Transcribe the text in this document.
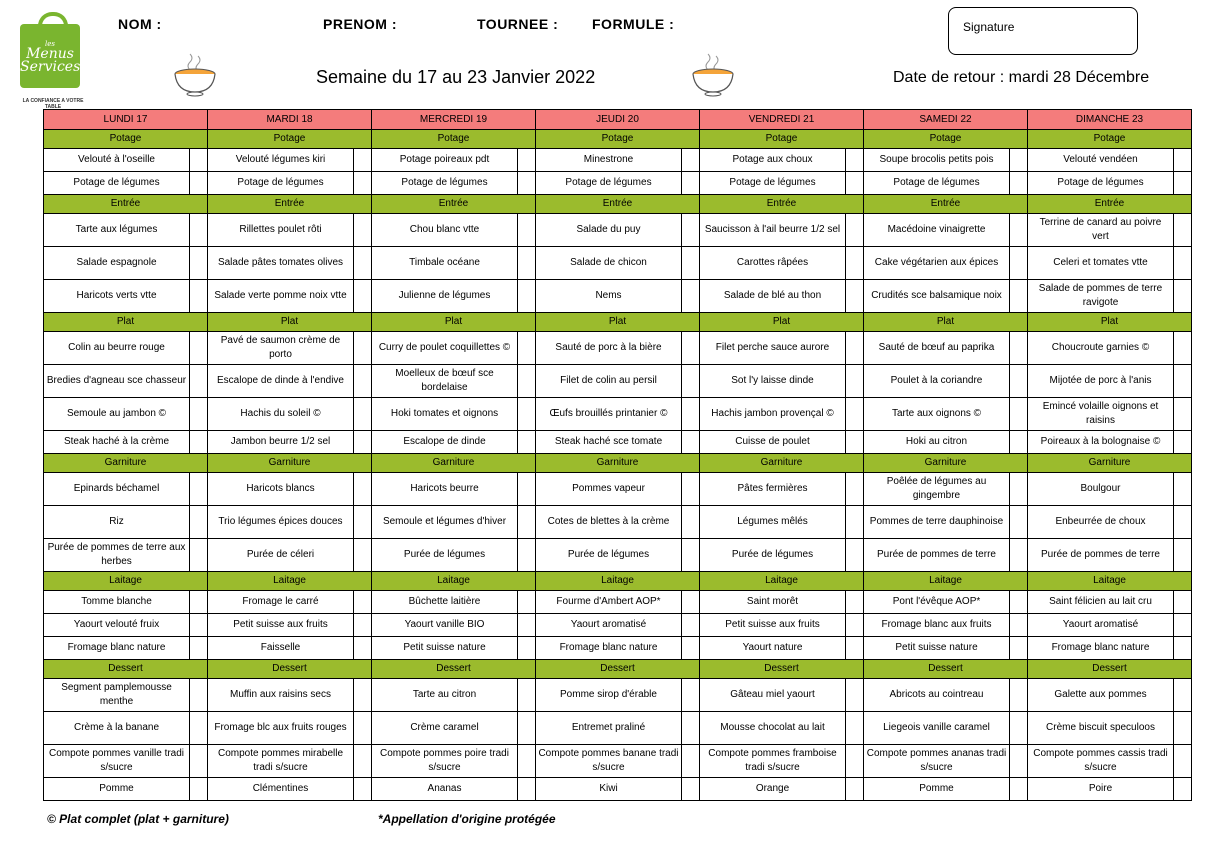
les
Menus Services
LA CONFIANCE A VOTRE TABLE
NOM :	PRENOM :	TOURNEE : FORMULE :	Signature
Semaine du 17 au 23 Janvier 2022	Date de retour : mardi 28 Décembre
LUNDI 17		MARDI 18		MERCREDI 19		JEUDI 20		VENDREDI 21		SAMEDI 22		DIMANCHE 23	
Potage		Potage		Potage		Potage		Potage		Potage		Potage	
Velouté à l'oseille		Velouté légumes kiri		Potage poireaux pdt		Minestrone		Potage aux choux		Soupe brocolis petits pois		Velouté vendéen	
Potage de légumes		Potage de légumes		Potage de légumes		Potage de légumes		Potage de légumes		Potage de légumes		Potage de légumes	
Entrée		Entrée		Entrée		Entrée		Entrée		Entrée		Entrée	
Tarte aux légumes		Rillettes poulet rôti		Chou blanc vtte		Salade du puy		Saucisson à l'ail beurre 1/2 sel		Macédoine vinaigrette		Terrine de canard au poivre vert	
Salade espagnole		Salade pâtes tomates olives		Timbale océane		Salade de chicon		Carottes râpées		Cake végétarien aux épices		Celeri et tomates vtte	
Haricots verts vtte		Salade verte pomme noix vtte		Julienne de légumes		Nems		Salade de blé au thon		Crudités sce balsamique noix		Salade de pommes de terre ravigote	
Plat		Plat		Plat		Plat		Plat		Plat		Plat	
Colin au beurre rouge		Pavé de saumon crème de porto		Curry de poulet coquillettes ©		Sauté de porc à la bière		Filet perche sauce aurore		Sauté de bœuf au paprika		Choucroute garnies ©	
Bredies d'agneau sce chasseur		Escalope de dinde à l'endive		Moelleux de bœuf sce bordelaise		Filet de colin au persil		Sot l'y laisse dinde		Poulet à la coriandre		Mijotée de porc à l'anis	
Semoule au jambon ©		Hachis du soleil ©		Hoki tomates et oignons		Œufs brouillés printanier ©		Hachis jambon provençal ©		Tarte aux oignons ©		Emincé volaille oignons et raisins	
Steak haché à la crème		Jambon beurre 1/2 sel		Escalope de dinde		Steak haché sce tomate		Cuisse de poulet		Hoki au citron		Poireaux à la bolognaise ©	
Garniture		Garniture		Garniture		Garniture		Garniture		Garniture		Garniture	
Epinards béchamel		Haricots blancs		Haricots beurre		Pommes vapeur		Pâtes fermières		Poêlée de légumes au gingembre		Boulgour	
Riz		Trio légumes épices douces		Semoule et légumes d'hiver		Cotes de blettes à la crème		Légumes mêlés		Pommes de terre dauphinoise		Enbeurrée de choux	
Purée de pommes de terre aux herbes		Purée de céleri		Purée de légumes		Purée de légumes		Purée de légumes		Purée de pommes de terre		Purée de pommes de terre	
Laitage		Laitage		Laitage		Laitage		Laitage		Laitage		Laitage	
Tomme blanche		Fromage le carré		Bûchette laitière		Fourme d'Ambert AOP*		Saint morêt		Pont l'évêque AOP*		Saint félicien au lait cru	
Yaourt velouté fruix		Petit suisse aux fruits		Yaourt vanille BIO		Yaourt aromatisé		Petit suisse aux fruits		Fromage blanc aux fruits		Yaourt aromatisé	
Fromage blanc nature		Faisselle		Petit suisse nature		Fromage blanc nature		Yaourt nature		Petit suisse nature		Fromage blanc nature	
Dessert		Dessert		Dessert		Dessert		Dessert		Dessert		Dessert	
Segment pamplemousse menthe		Muffin aux raisins secs		Tarte au citron		Pomme sirop d'érable		Gâteau miel yaourt		Abricots au cointreau		Galette aux pommes	
Crème à la banane		Fromage blc aux fruits rouges		Crème caramel		Entremet praliné		Mousse chocolat au lait		Liegeois vanille caramel		Crème biscuit speculoos	
Compote pommes vanille tradi s/sucre		Compote pommes mirabelle tradi s/sucre		Compote pommes poire tradi s/sucre		Compote pommes banane tradi s/sucre		Compote pommes framboise tradi s/sucre		Compote pommes ananas tradi s/sucre		Compote pommes cassis tradi s/sucre	
Pomme		Clémentines		Ananas		Kiwi		Orange		Pomme		Poire	
© Plat complet (plat + garniture)	*Appellation d'origine protégée
